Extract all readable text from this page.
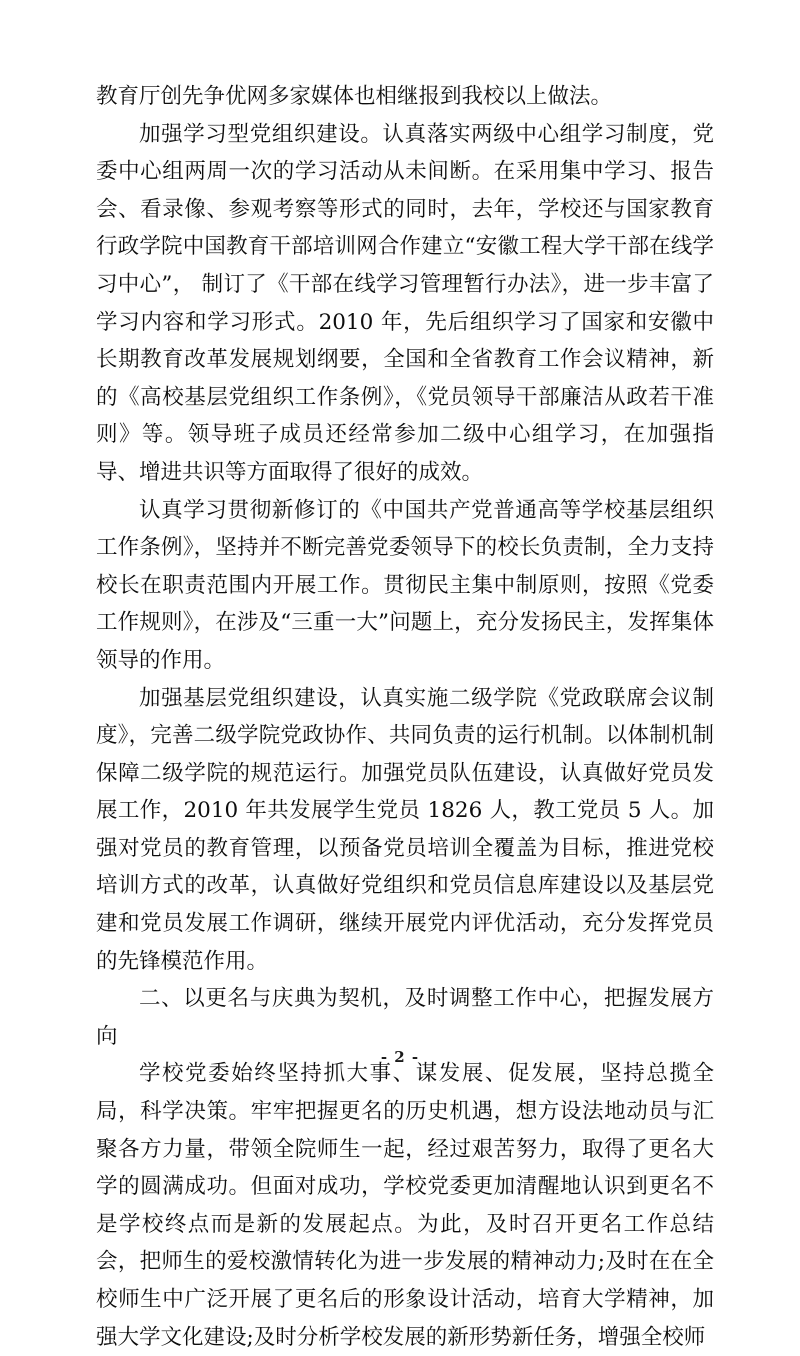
教育厅创先争优网多家媒体也相继报到我校以上做法。

加强学习型党组织建设。认真落实两级中心组学习制度，党委中心组两周一次的学习活动从未间断。在采用集中学习、报告会、看录像、参观考察等形式的同时，去年，学校还与国家教育行政学院中国教育干部培训网合作建立“安徽工程大学干部在线学习中心”， 制订了《干部在线学习管理暂行办法》，进一步丰富了学习内容和学习形式。2010 年，先后组织学习了国家和安徽中长期教育改革发展规划纲要，全国和全省教育工作会议精神，新的《高校基层党组织工作条例》，《党员领导干部廉洁从政若干准则》等。领导班子成员还经常参加二级中心组学习，在加强指导、增进共识等方面取得了很好的成效。

认真学习贯彻新修订的《中国共产党普通高等学校基层组织工作条例》，坚持并不断完善党委领导下的校长负责制，全力支持校长在职责范围内开展工作。贯彻民主集中制原则，按照《党委工作规则》，在涉及“三重一大”问题上，充分发扬民主，发挥集体领导的作用。

加强基层党组织建设，认真实施二级学院《党政联席会议制度》，完善二级学院党政协作、共同负责的运行机制。以体制机制保障二级学院的规范运行。加强党员队伍建设，认真做好党员发展工作，2010 年共发展学生党员 1826 人，教工党员 5 人。加强对党员的教育管理，以预备党员培训全覆盖为目标，推进党校培训方式的改革，认真做好党组织和党员信息库建设以及基层党建和党员发展工作调研，继续开展党内评优活动，充分发挥党员的先锋模范作用。

二、以更名与庆典为契机，及时调整工作中心，把握发展方向

学校党委始终坚持抓大事、谋发展、促发展，坚持总揽全局，科学决策。牢牢把握更名的历史机遇，想方设法地动员与汇聚各方力量，带领全院师生一起，经过艰苦努力，取得了更名大学的圆满成功。但面对成功，学校党委更加清醒地认识到更名不是学校终点而是新的发展起点。为此，及时召开更名工作总结会，把师生的爱校激情转化为进一步发展的精神动力;及时在在全校师生中广泛开展了更名后的形象设计活动，培育大学精神，加强大学文化建设;及时分析学校发展的新形势新任务，增强全校师

- 2 -
